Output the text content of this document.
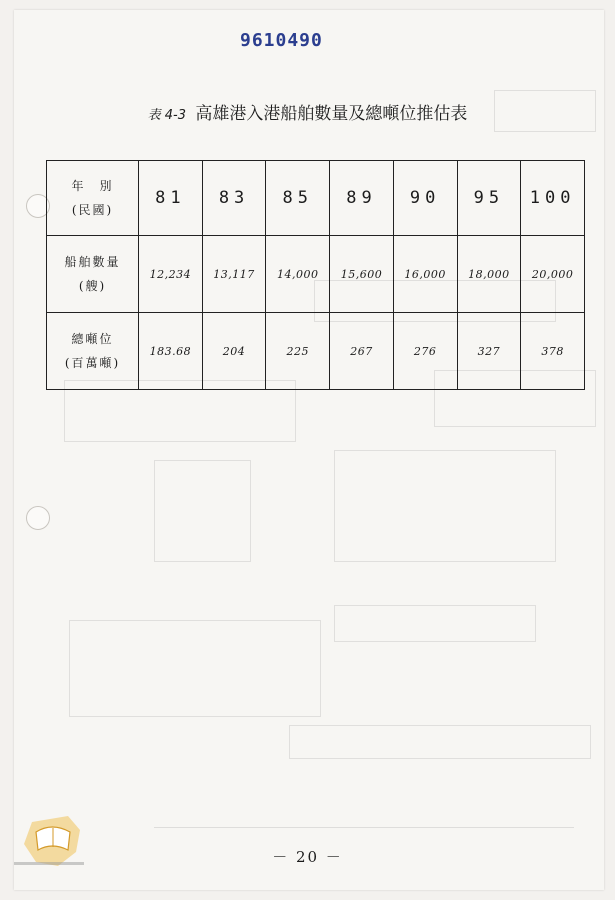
9610490
表 4-3 高雄港入港船舶數量及總噸位推估表
年　別
(民國)	81	83	85	89	90	95	100

船舶數量
(艘)	12,234	13,117	14,000	15,600	16,000	18,000	20,000

總噸位
(百萬噸)	183.68	204	225	267	276	327	378
－ 20 －
